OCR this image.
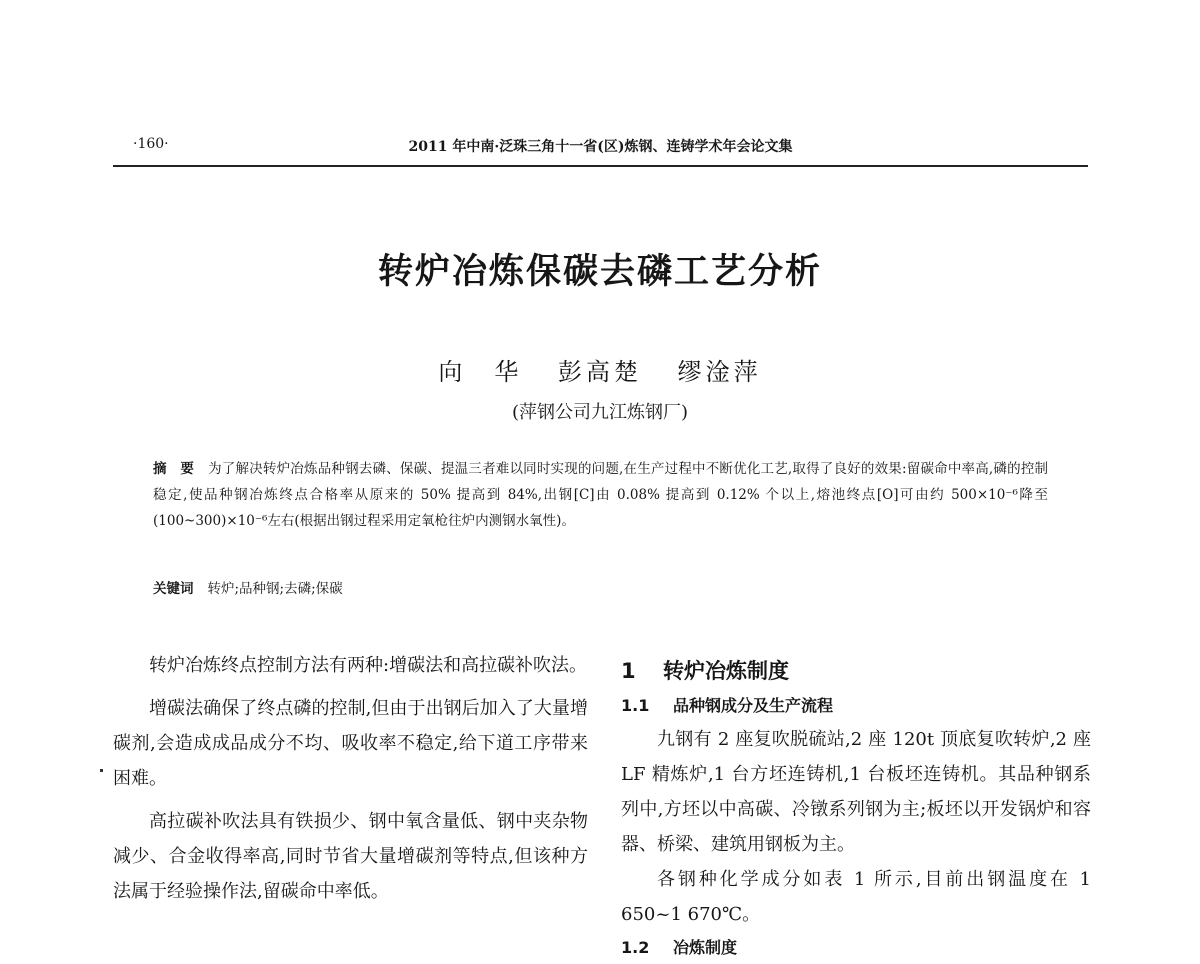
·160·	2011 年中南·泛珠三角十一省(区)炼钢、连铸学术年会论文集
转炉冶炼保碳去磷工艺分析
向　华 彭高楚 缪淦萍
(萍钢公司九江炼钢厂)
摘　要 为了解决转炉冶炼品种钢去磷、保碳、提温三者难以同时实现的问题,在生产过程中不断优化工艺,取得了良好的效果:留碳命中率高,磷的控制稳定,使品种钢冶炼终点合格率从原来的 50% 提高到 84%,出钢[C]由 0.08% 提高到 0.12% 个以上,熔池终点[O]可由约 500×10⁻⁶降至(100~300)×10⁻⁶左右(根据出钢过程采用定氧枪往炉内测钢水氧性)。
关键词 转炉;品种钢;去磷;保碳

转炉冶炼终点控制方法有两种:增碳法和高拉碳补吹法。

增碳法确保了终点磷的控制,但由于出钢后加入了大量增碳剂,会造成成品成分不均、吸收率不稳定,给下道工序带来困难。

高拉碳补吹法具有铁损少、钢中氧含量低、钢中夹杂物减少、合金收得率高,同时节省大量增碳剂等特点,但该种方法属于经验操作法,留碳命中率低。

1 转炉冶炼制度
1.1 品种钢成分及生产流程

九钢有 2 座复吹脱硫站,2 座 120t 顶底复吹转炉,2 座 LF 精炼炉,1 台方坯连铸机,1 台板坯连铸机。其品种钢系列中,方坯以中高碳、冷镦系列钢为主;板坯以开发锅炉和容器、桥梁、建筑用钢板为主。

各钢种化学成分如表 1 所示,目前出钢温度在 1 650~1 670℃。

1.2 冶炼制度
